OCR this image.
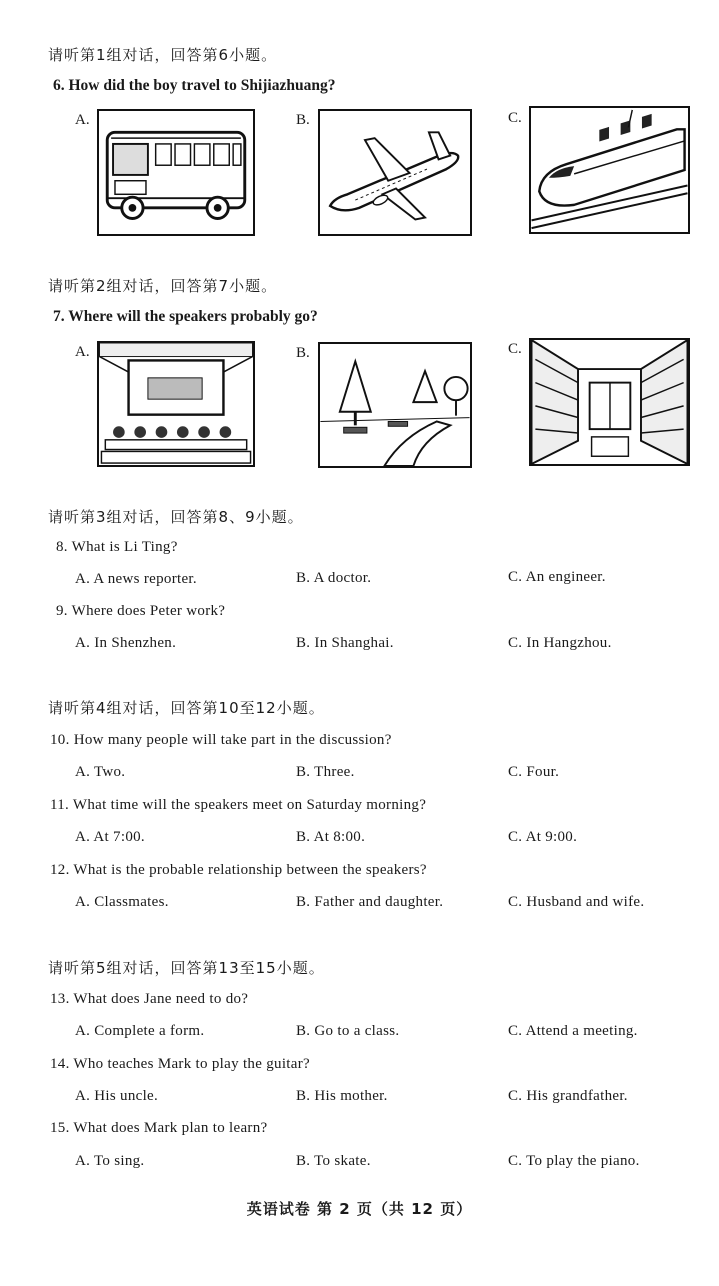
请听第1组对话，回答第6小题。
6. How did the boy travel to Shijiazhuang?
A.	B.	C.
请听第2组对话，回答第7小题。
7. Where will the speakers probably go?
A.	B.	C.
请听第3组对话，回答第8、9小题。
8. What is Li Ting?
A. A news reporter.	B. A doctor.	C. An engineer.
9. Where does Peter work?
A. In Shenzhen.	B. In Shanghai.	C. In Hangzhou.
请听第4组对话，回答第10至12小题。
10. How many people will take part in the discussion?
A. Two.	B. Three.	C. Four.
11. What time will the speakers meet on Saturday morning?
A. At 7:00.	B. At 8:00.	C. At 9:00.
12. What is the probable relationship between the speakers?
A. Classmates.	B. Father and daughter.	C. Husband and wife.
请听第5组对话，回答第13至15小题。
13. What does Jane need to do?
A. Complete a form.	B. Go to a class.	C. Attend a meeting.
14. Who teaches Mark to play the guitar?
A. His uncle.	B. His mother.	C. His grandfather.
15. What does Mark plan to learn?
A. To sing.	B. To skate.	C. To play the piano.
英语试卷 第 2 页（共 12 页）
